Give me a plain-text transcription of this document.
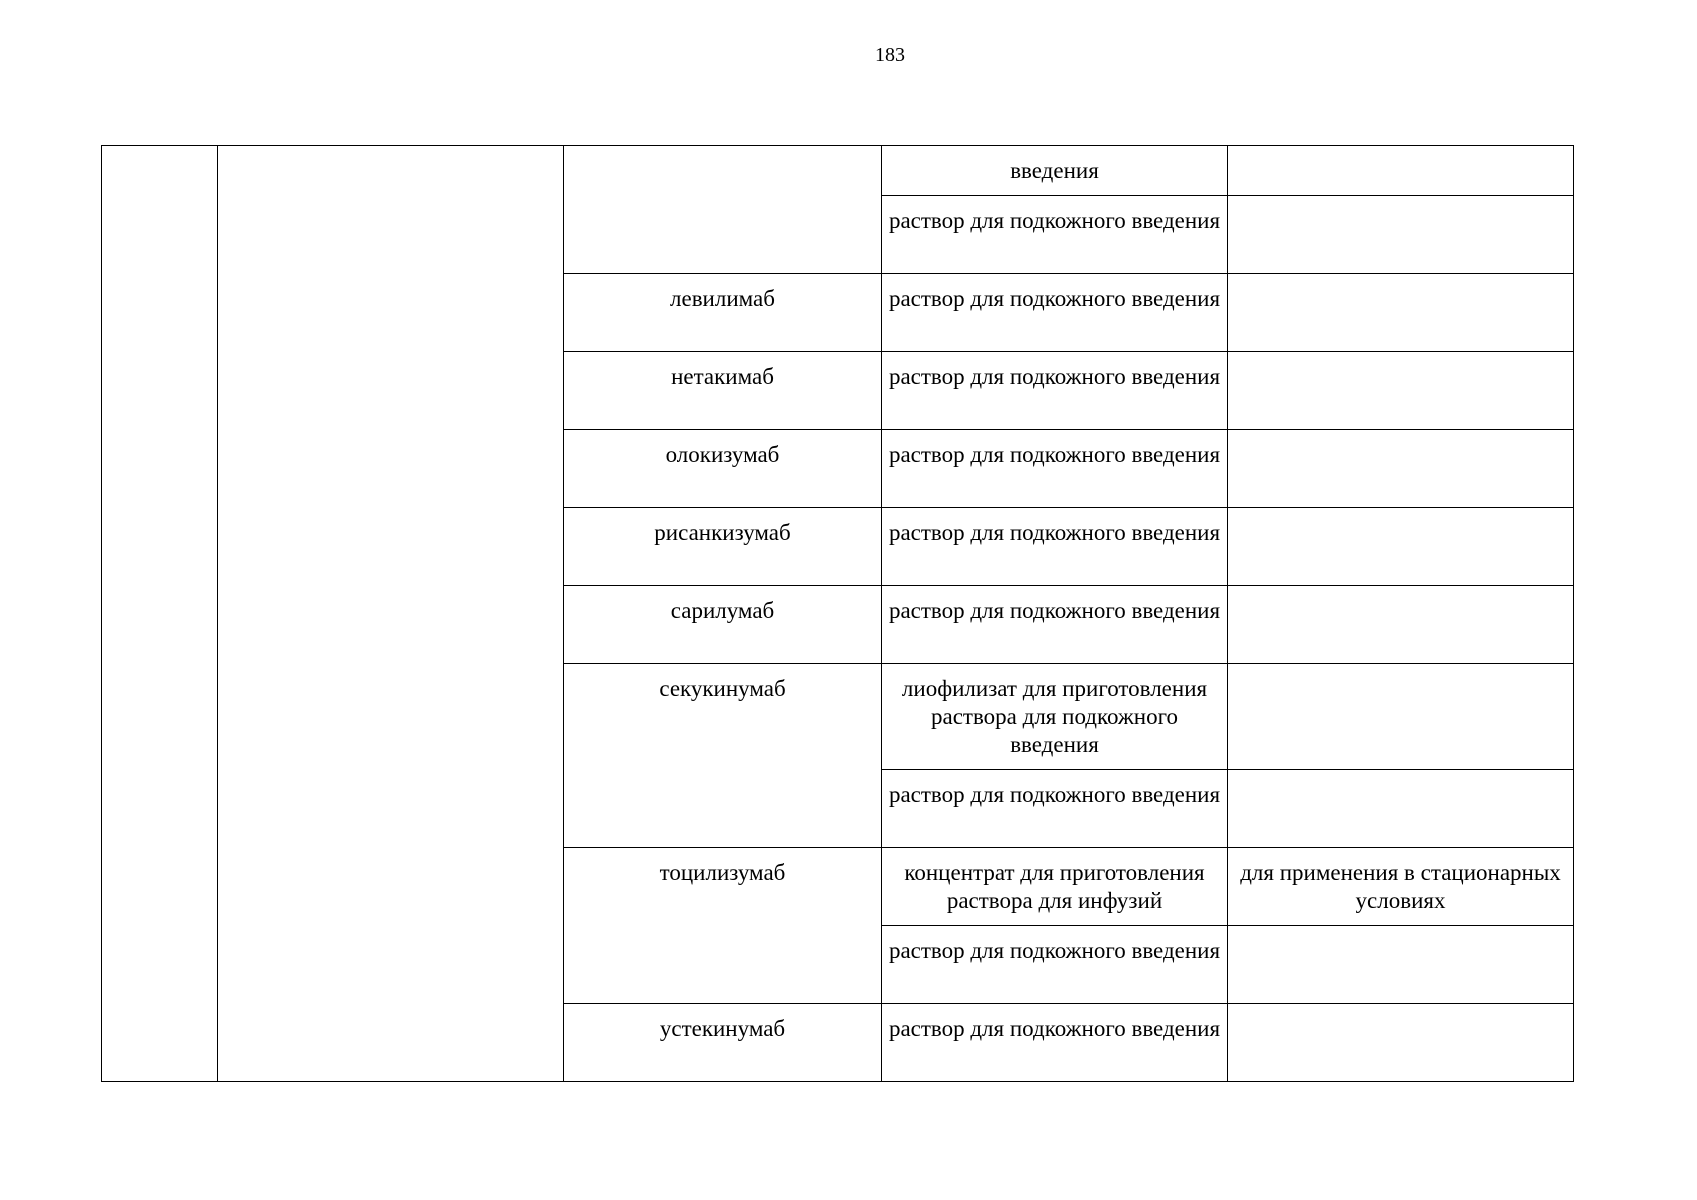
183
			введения	
			раствор для подкожного введения	
		левилимаб	раствор для подкожного введения	
		нетакимаб	раствор для подкожного введения	
		олокизумаб	раствор для подкожного введения	
		рисанкизумаб	раствор для подкожного введения	
		сарилумаб	раствор для подкожного введения	
		секукинумаб	лиофилизат для приготовления раствора для подкожного введения	
			раствор для подкожного введения	
		тоцилизумаб	концентрат для приготовления раствора для инфузий	для применения в стационарных условиях
			раствор для подкожного введения	
		устекинумаб	раствор для подкожного введения	
